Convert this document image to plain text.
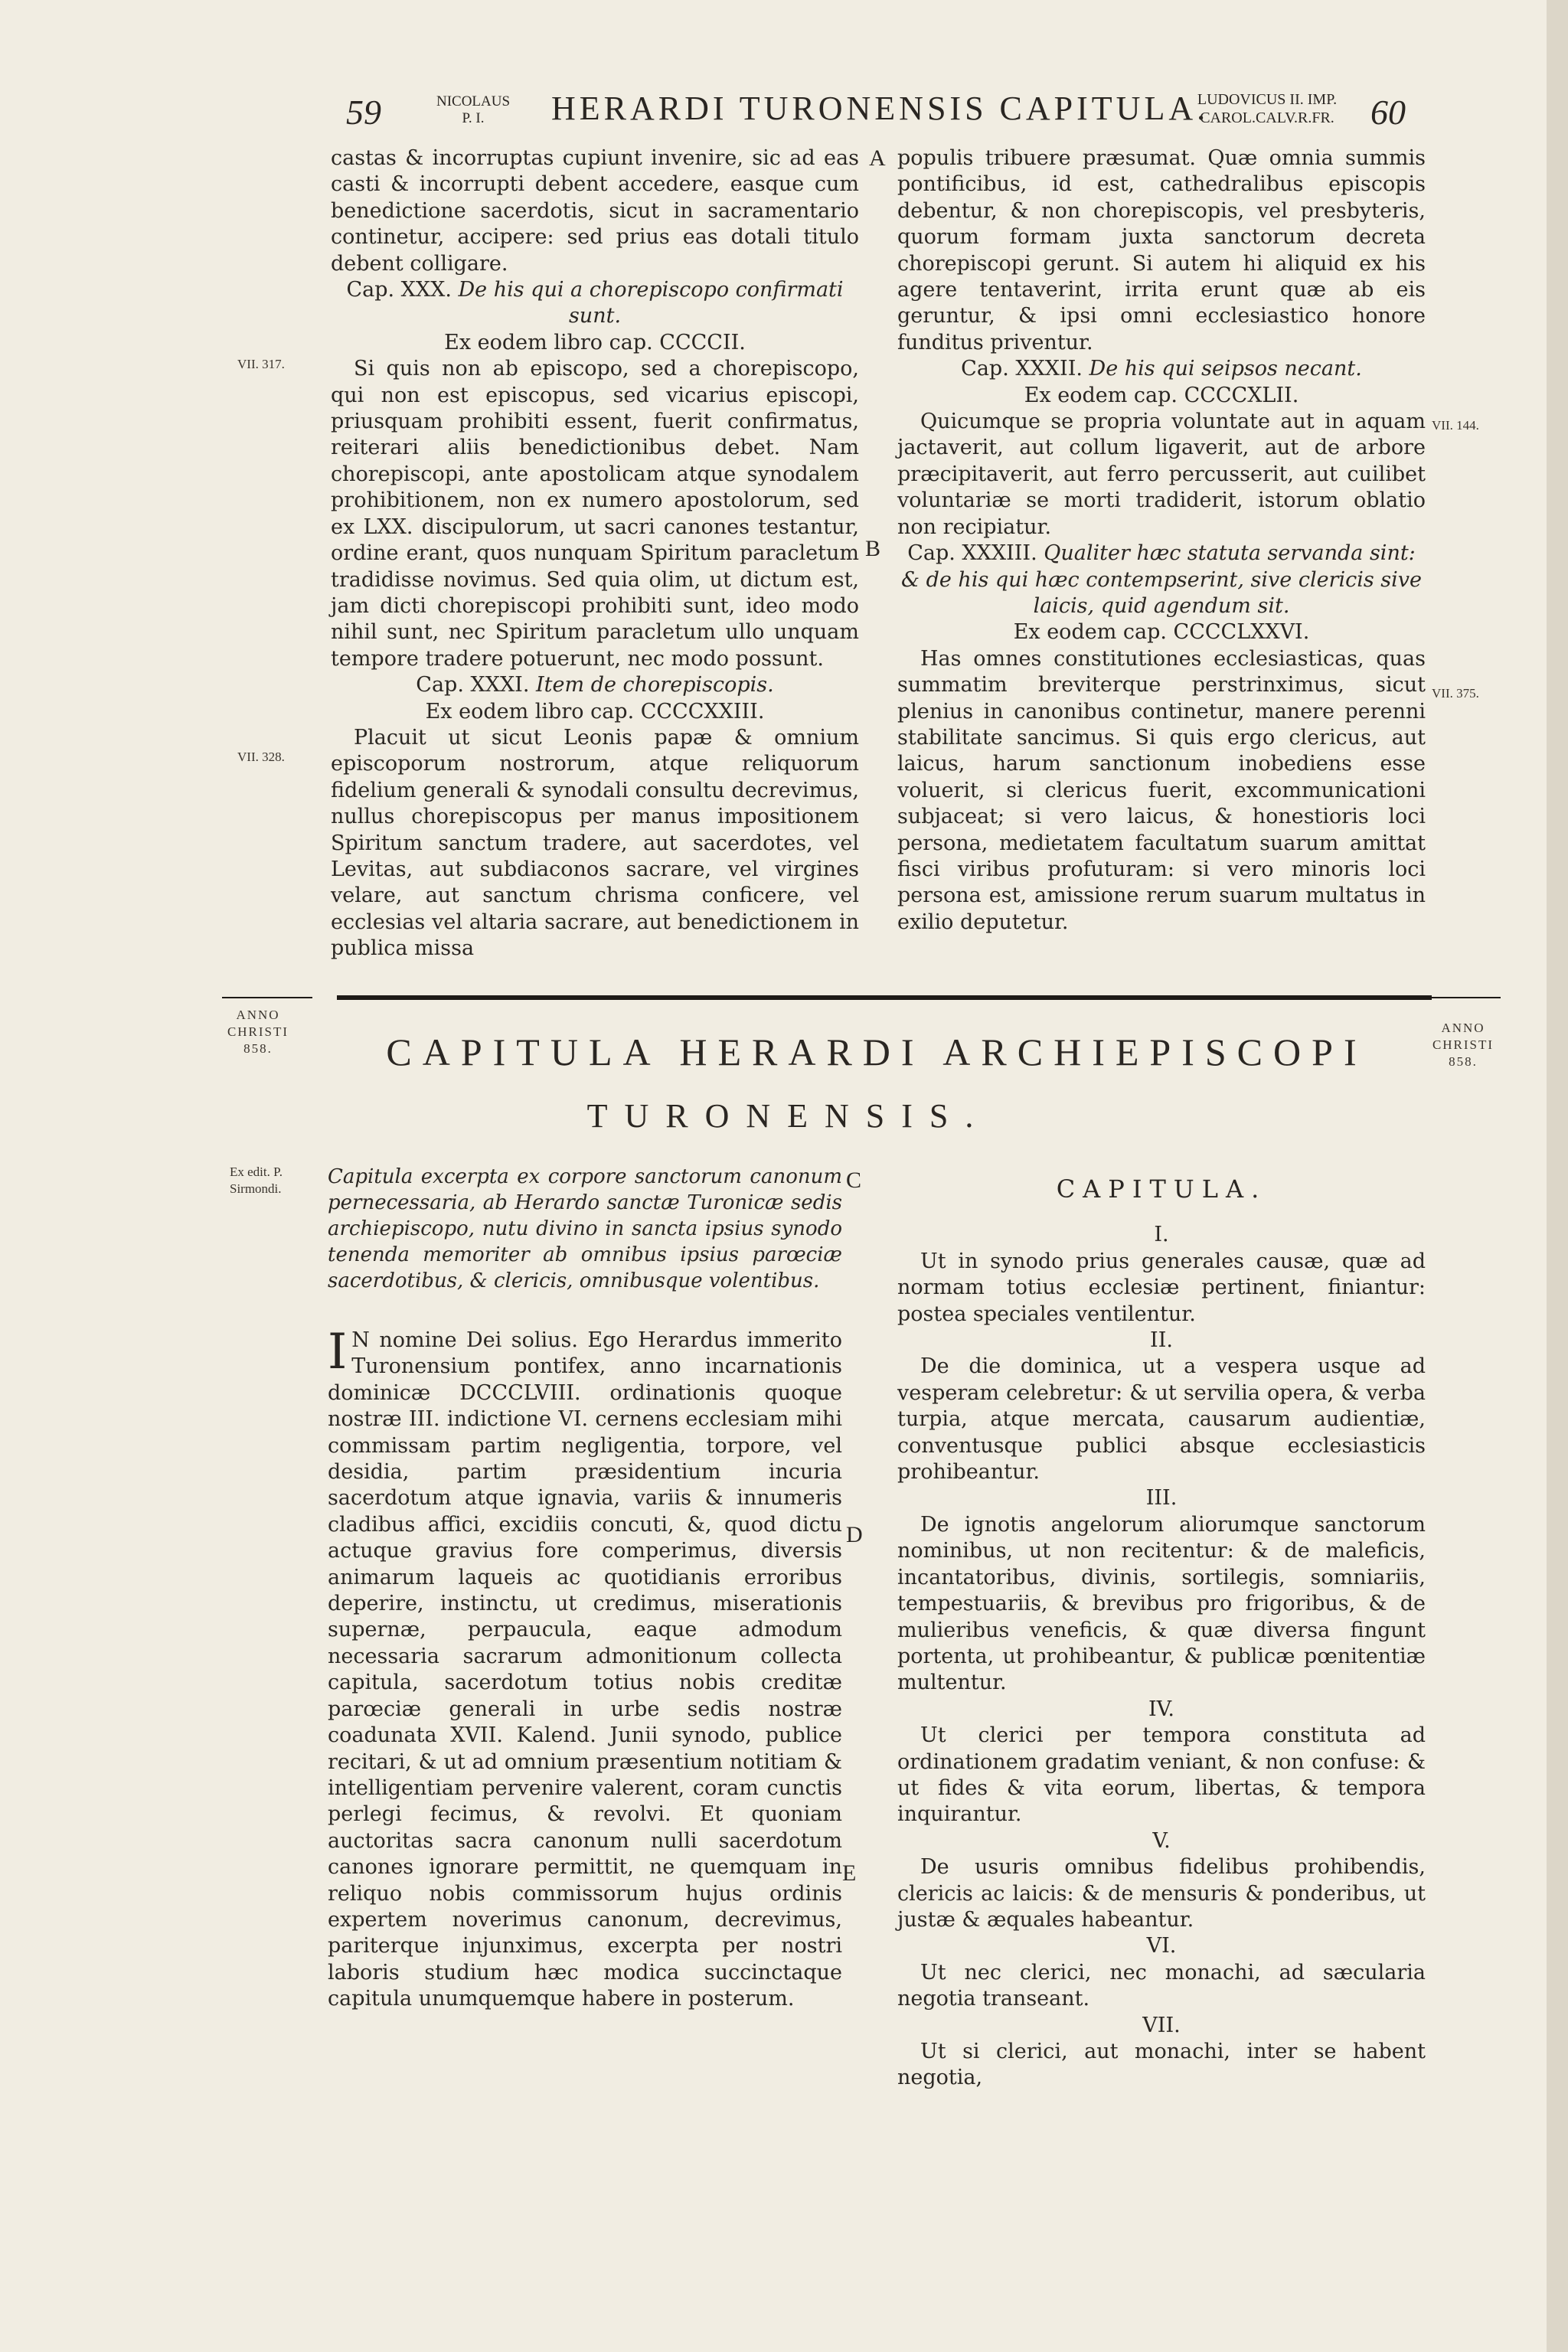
59	NICOLAUS
P. I.	HERARDI TURONENSIS CAPITULA.
LUDOVICUS II. IMP.
CAROL.CALV.R.FR.	60

castas & incorruptas cupiunt invenire, sic ad eas casti & incorrupti debent accedere, easque cum benedictione sacerdotis, sicut in sacramentario continetur, accipere: sed prius eas dotali titulo debent colligare.

Cap. XXX. De his qui a chorepiscopo confirmati sunt.

Ex eodem libro cap. CCCCII.

Si quis non ab episcopo, sed a chorepiscopo, qui non est episcopus, sed vicarius episcopi, priusquam prohibiti essent, fuerit confirmatus, reiterari aliis benedictionibus debet. Nam chorepiscopi, ante apostolicam atque synodalem prohibitionem, non ex numero apostolorum, sed ex LXX. discipulorum, ut sacri canones testantur, ordine erant, quos nunquam Spiritum paracletum tradidisse novimus. Sed quia olim, ut dictum est, jam dicti chorepiscopi prohibiti sunt, ideo modo nihil sunt, nec Spiritum paracletum ullo unquam tempore tradere potuerunt, nec modo possunt.

Cap. XXXI. Item de chorepiscopis.

Ex eodem libro cap. CCCCXXIII.

Placuit ut sicut Leonis papæ & omnium episcoporum nostrorum, atque reliquorum fidelium generali & synodali consultu decrevimus, nullus chorepiscopus per manus impositionem Spiritum sanctum tradere, aut sacerdotes, vel Levitas, aut subdiaconos sacrare, vel virgines velare, aut sanctum chrisma conficere, vel ecclesias vel altaria sacrare, aut benedictionem in publica missa

populis tribuere præsumat. Quæ omnia summis pontificibus, id est, cathedralibus episcopis debentur, & non chorepiscopis, vel presbyteris, quorum formam juxta sanctorum decreta chorepiscopi gerunt. Si autem hi aliquid ex his agere tentaverint, irrita erunt quæ ab eis geruntur, & ipsi omni ecclesiastico honore funditus priventur.

Cap. XXXII. De his qui seipsos necant.

Ex eodem cap. CCCCXLII.

Quicumque se propria voluntate aut in aquam jactaverit, aut collum ligaverit, aut de arbore præcipitaverit, aut ferro percusserit, aut cuilibet voluntariæ se morti tradiderit, istorum oblatio non recipiatur.

Cap. XXXIII. Qualiter hæc statuta servanda sint: & de his qui hæc contempserint, sive clericis sive laicis, quid agendum sit.

Ex eodem cap. CCCCLXXVI.

Has omnes constitutiones ecclesiasticas, quas summatim breviterque perstrinximus, sicut plenius in canonibus continetur, manere perenni stabilitate sancimus. Si quis ergo clericus, aut laicus, harum sanctionum inobediens esse voluerit, si clericus fuerit, excommunicationi subjaceat; si vero laicus, & honestioris loci persona, medietatem facultatum suarum amittat fisci viribus profuturam: si vero minoris loci persona est, amissione rerum suarum multatus in exilio deputetur.

VII. 317.
VII. 328.
VII. 144.
VII. 375.
A
B
C
D
E
ANNO CHRISTI 858.
ANNO CHRISTI 858.
CAPITULA HERARDI ARCHIEPISCOPI
TURONENSIS.
Ex edit. P. Sirmondi.

Capitula excerpta ex corpore sanctorum canonum pernecessaria, ab Herardo sanctæ Turonicæ sedis archiepiscopo, nutu divino in sancta ipsius synodo tenenda memoriter ab omnibus ipsius parœciæ sacerdotibus, & clericis, omnibusque volentibus.

I N nomine Dei solius. Ego Herardus immerito Turonensium pontifex, anno incarnationis dominicæ DCCCLVIII. ordinationis quoque nostræ III. indictione VI. cernens ecclesiam mihi commissam partim negligentia, torpore, vel desidia, partim præsidentium incuria sacerdotum atque ignavia, variis & innumeris cladibus affici, excidiis concuti, &, quod dictu actuque gravius fore comperimus, diversis animarum laqueis ac quotidianis erroribus deperire, instinctu, ut credimus, miserationis supernæ, perpaucula, eaque admodum necessaria sacrarum admonitionum collecta capitula, sacerdotum totius nobis creditæ parœciæ generali in urbe sedis nostræ coadunata XVII. Kalend. Junii synodo, publice recitari, & ut ad omnium præsentium notitiam & intelligentiam pervenire valerent, coram cunctis perlegi fecimus, & revolvi. Et quoniam auctoritas sacra canonum nulli sacerdotum canones ignorare permittit, ne quemquam in reliquo nobis commissorum hujus ordinis expertem noverimus canonum, decrevimus, pariterque injunximus, excerpta per nostri laboris studium hæc modica succinctaque capitula unumquemque habere in posterum.

CAPITULA.

I.

Ut in synodo prius generales causæ, quæ ad normam totius ecclesiæ pertinent, finiantur: postea speciales ventilentur.

II.

De die dominica, ut a vespera usque ad vesperam celebretur: & ut servilia opera, & verba turpia, atque mercata, causarum audientiæ, conventusque publici absque ecclesiasticis prohibeantur.

III.

De ignotis angelorum aliorumque sanctorum nominibus, ut non recitentur: & de maleficis, incantatoribus, divinis, sortilegis, somniariis, tempestuariis, & brevibus pro frigoribus, & de mulieribus veneficis, & quæ diversa fingunt portenta, ut prohibeantur, & publicæ pœnitentiæ multentur.

IV.

Ut clerici per tempora constituta ad ordinationem gradatim veniant, & non confuse: & ut fides & vita eorum, libertas, & tempora inquirantur.

V.

De usuris omnibus fidelibus prohibendis, clericis ac laicis: & de mensuris & ponderibus, ut justæ & æquales habeantur.

VI.

Ut nec clerici, nec monachi, ad sæcularia negotia transeant.

VII.

Ut si clerici, aut monachi, inter se habent negotia,
